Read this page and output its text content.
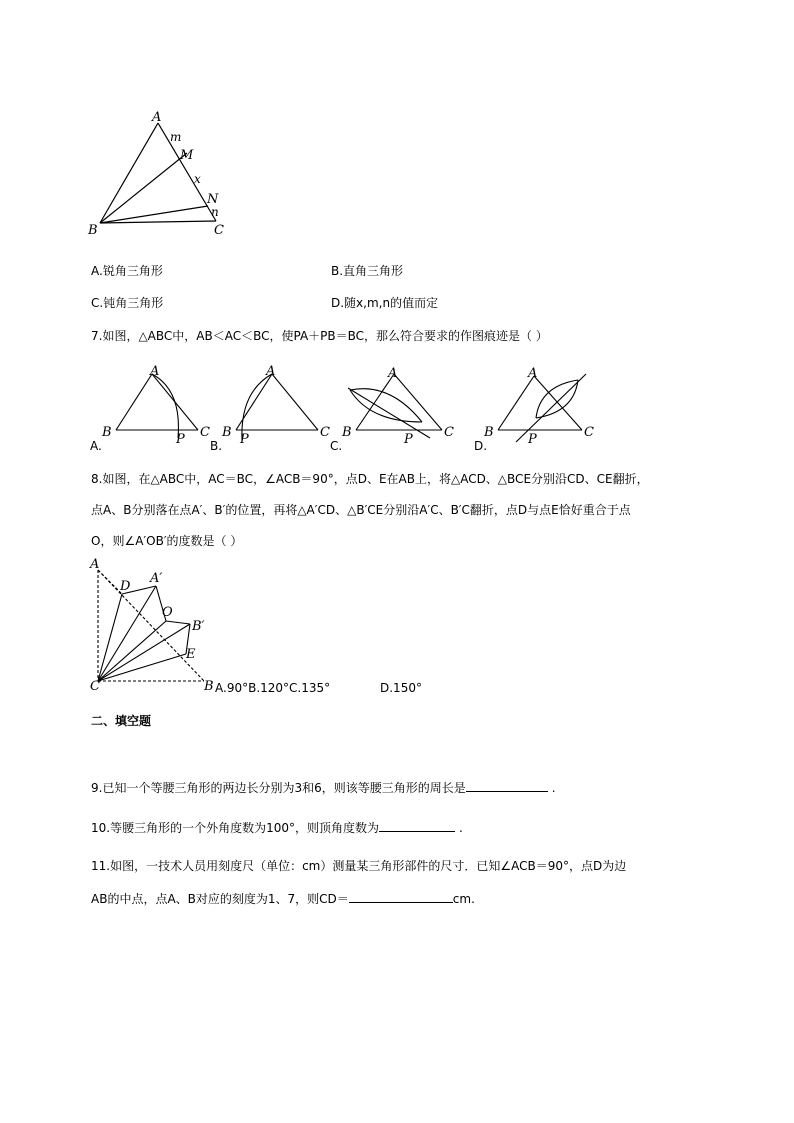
A
B	C
M
N
m
x
n
A.锐角三角形	B.直角三角形
C.钝角三角形	D.随x,m,n的值而定
7.如图，△ABC中，AB＜AC＜BC，使PA＋PB＝BC，那么符合要求的作图痕迹是（ ）
A
B	C
P
A.
A
B	C
P
B.
A
B	C
P
C.
A
B	C
P
D.
8.如图，在△ABC中，AC＝BC，∠ACB＝90°，点D、E在AB上，将△ACD、△BCE分别沿CD、CE翻折，
点A、B分别落在点A′、B′的位置，再将△A′CD、△B′CE分别沿A′C、B′C翻折，点D与点E恰好重合于点
O，则∠A′OB′的度数是（ ）
A
D
A′
O
B′
E
C	B A.90°B.120°C.135°	D.150°
二、填空题
9.已知一个等腰三角形的两边长分别为3和6，则该等腰三角形的周长是	.
10.等腰三角形的一个外角度数为100°，则顶角度数为	.
11.如图，一技术人员用刻度尺（单位：cm）测量某三角形部件的尺寸．已知∠ACB＝90°，点D为边
AB的中点，点A、B对应的刻度为1、7，则CD＝	cm.
